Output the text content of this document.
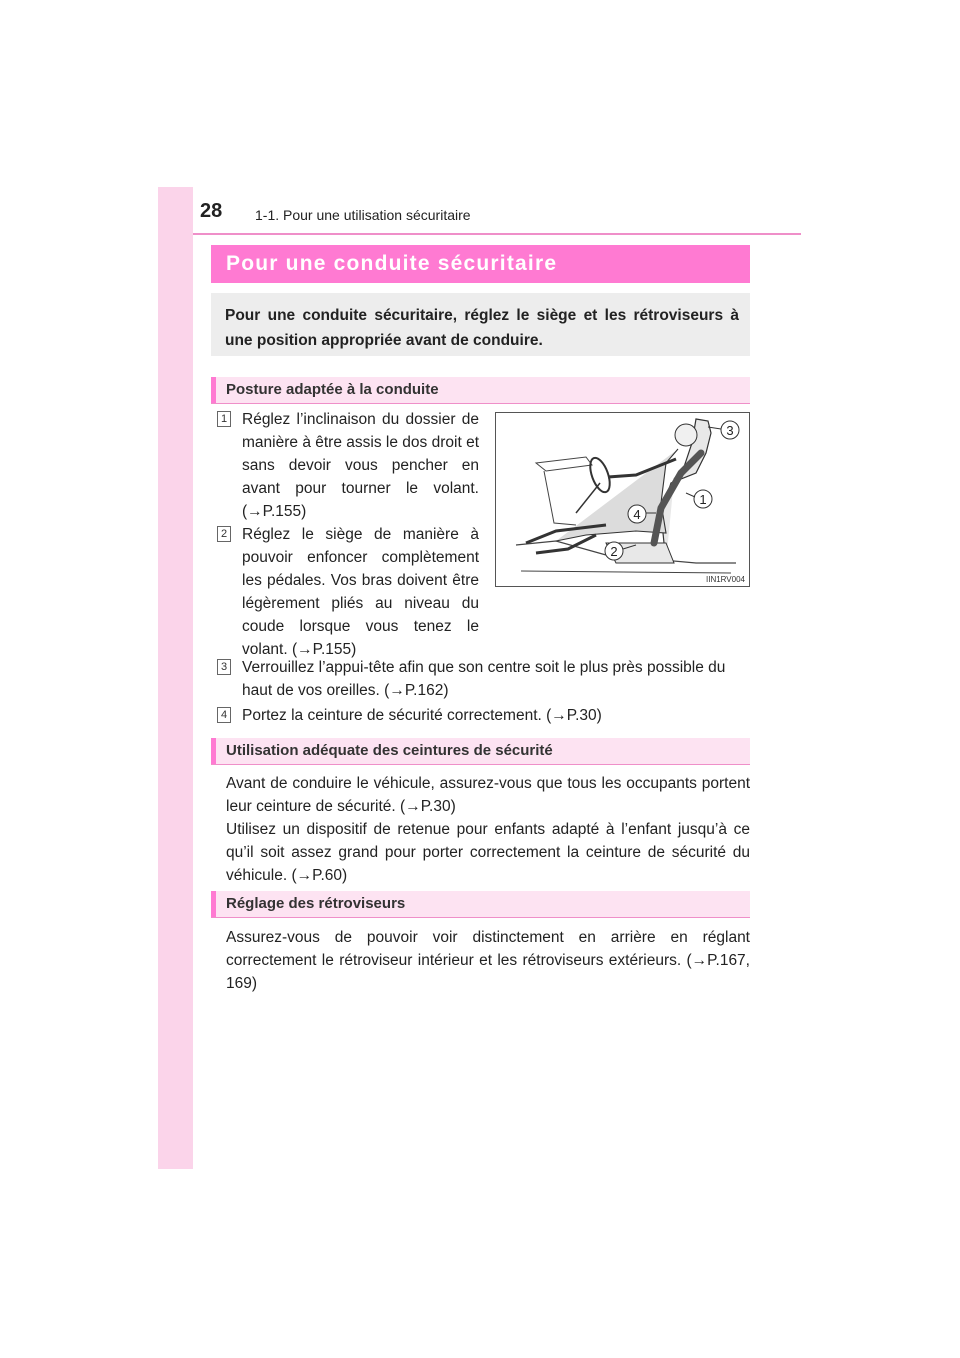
28 1-1. Pour une utilisation sécuritaire
Pour une conduite sécuritaire
Pour une conduite sécuritaire, réglez le siège et les rétroviseurs à une position appropriée avant de conduire.
Posture adaptée à la conduite
1 Réglez l’inclinaison du dossier de manière à être assis le dos droit et sans devoir vous pencher en avant pour tourner le volant. (→P.155)
2 Réglez le siège de manière à pouvoir enfoncer complètement les pédales. Vos bras doivent être légèrement pliés au niveau du coude lorsque vous tenez le volant. (→P.155)
3
1
4
2
IIN1RV004
3 Verrouillez l’appui-tête afin que son centre soit le plus près possible du haut de vos oreilles. (→P.162)
4 Portez la ceinture de sécurité correctement. (→P.30)
Utilisation adéquate des ceintures de sécurité
Avant de conduire le véhicule, assurez-vous que tous les occupants portent leur ceinture de sécurité. (→P.30)
Utilisez un dispositif de retenue pour enfants adapté à l’enfant jusqu’à ce qu’il soit assez grand pour porter correctement la ceinture de sécurité du véhicule. (→P.60)
Réglage des rétroviseurs
Assurez-vous de pouvoir voir distinctement en arrière en réglant correctement le rétroviseur intérieur et les rétroviseurs extérieurs. (→P.167, 169)
